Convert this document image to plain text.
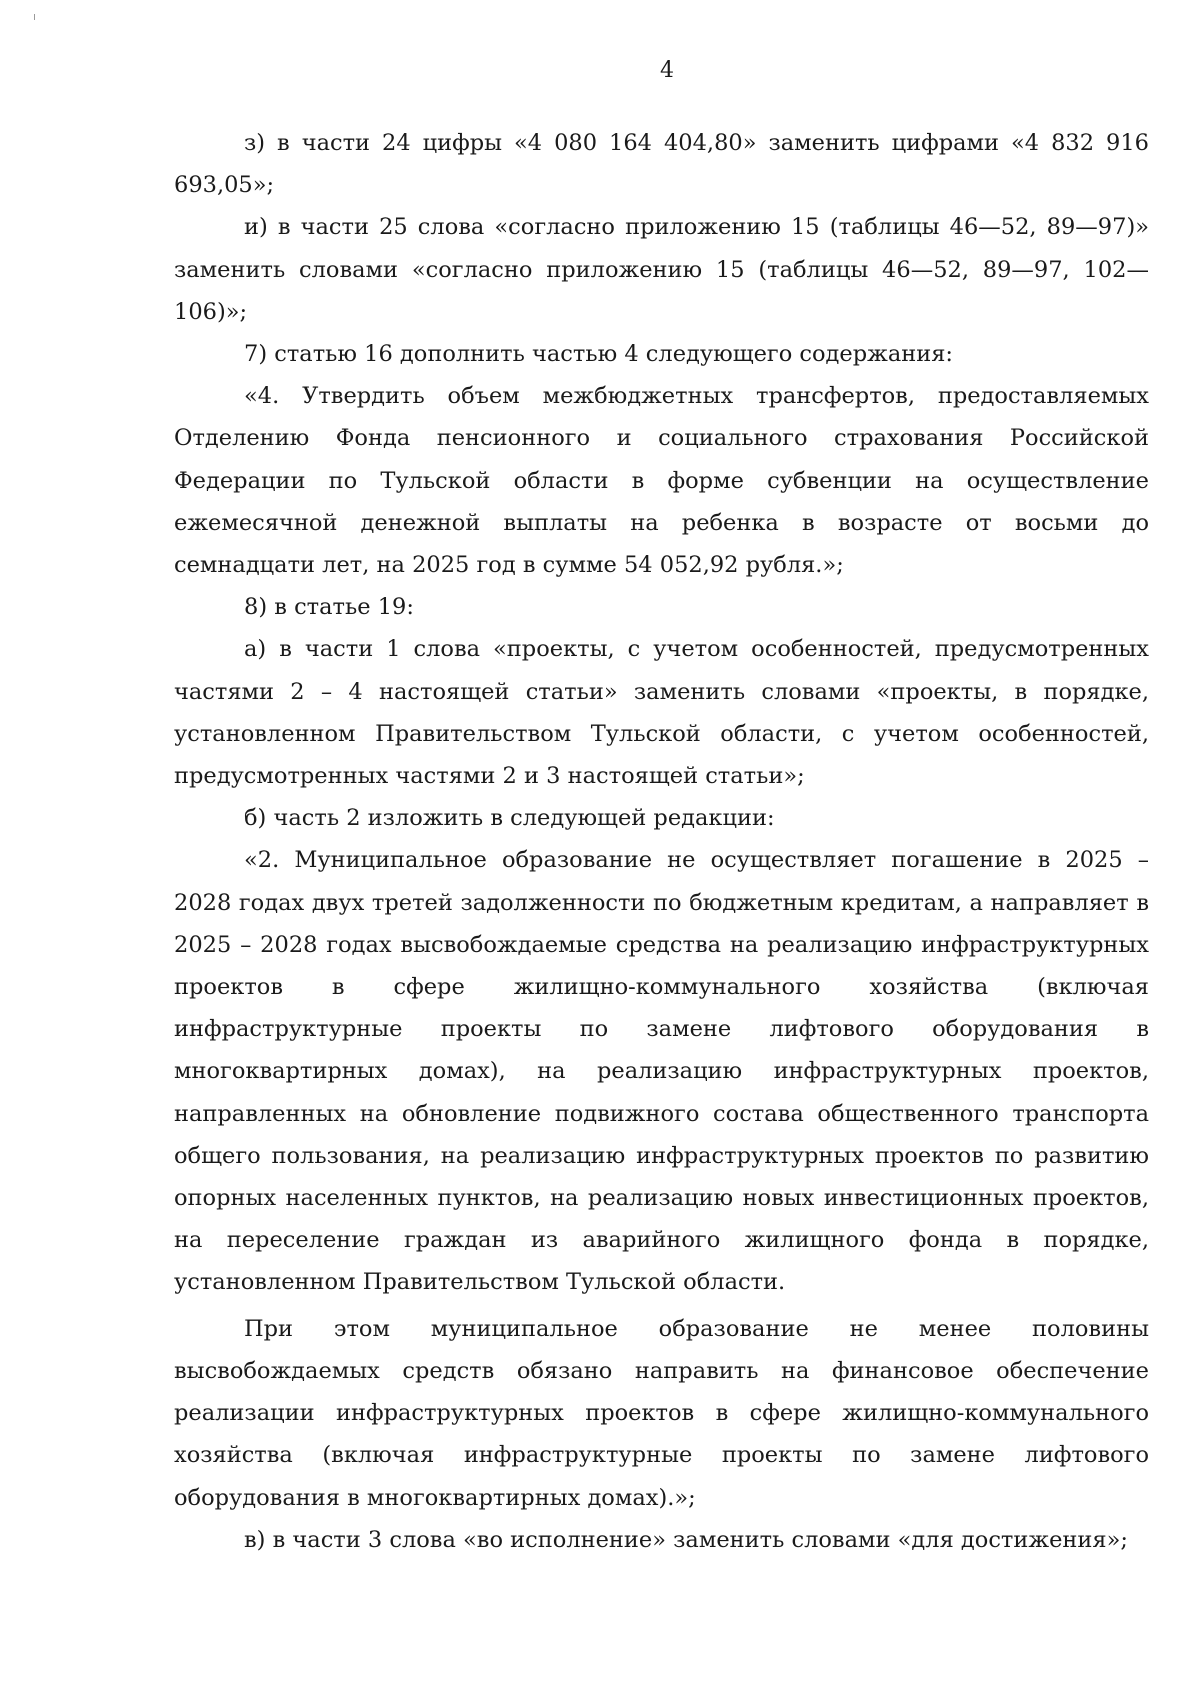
4

з) в части 24 цифры «4 080 164 404,80» заменить цифрами «4 832 916 693,05»;

и) в части 25 слова «согласно приложению 15 (таблицы 46—52, 89—97)» заменить словами «согласно приложению 15 (таблицы 46—52, 89—97, 102—106)»;

7) статью 16 дополнить частью 4 следующего содержания:

«4. Утвердить объем межбюджетных трансфертов, предоставляемых Отделению Фонда пенсионного и социального страхования Российской Федерации по Тульской области в форме субвенции на осуществление ежемесячной денежной выплаты на ребенка в возрасте от восьми до семнадцати лет, на 2025 год в сумме 54 052,92 рубля.»;

8) в статье 19:

а) в части 1 слова «проекты, с учетом особенностей, предусмотренных частями 2 – 4 настоящей статьи» заменить словами «проекты, в порядке, установленном Правительством Тульской области, с учетом особенностей, предусмотренных частями 2 и 3 настоящей статьи»;

б) часть 2 изложить в следующей редакции:

«2. Муниципальное образование не осуществляет погашение в 2025 – 2028 годах двух третей задолженности по бюджетным кредитам, а направляет в 2025 – 2028 годах высвобождаемые средства на реализацию инфраструктурных проектов в сфере жилищно-коммунального хозяйства (включая инфраструктурные проекты по замене лифтового оборудования в многоквартирных домах), на реализацию инфраструктурных проектов, направленных на обновление подвижного состава общественного транспорта общего пользования, на реализацию инфраструктурных проектов по развитию опорных населенных пунктов, на реализацию новых инвестиционных проектов, на переселение граждан из аварийного жилищного фонда в порядке, установленном Правительством Тульской области.

При этом муниципальное образование не менее половины высвобождаемых средств обязано направить на финансовое обеспечение реализации инфраструктурных проектов в сфере жилищно-коммунального хозяйства (включая инфраструктурные проекты по замене лифтового оборудования в многоквартирных домах).»;

в) в части 3 слова «во исполнение» заменить словами «для достижения»;
